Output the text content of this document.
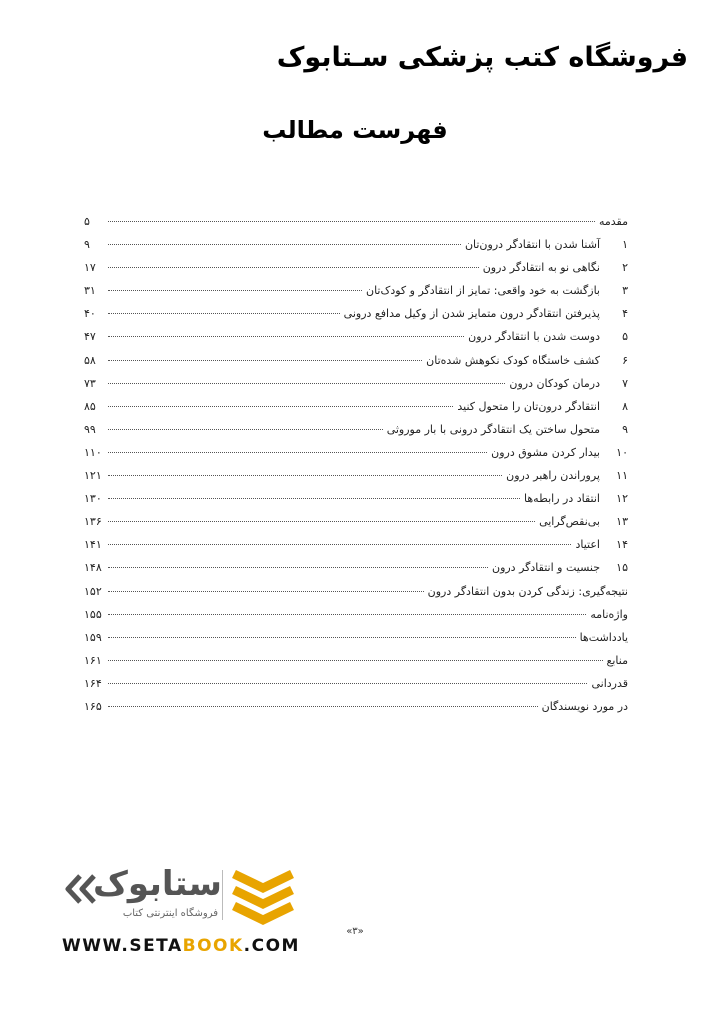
فروشگاه کتب پزشکی سـتابوک
فهرست مطالب
مقدمه
۵
۱
آشنا شدن با انتقادگر درون‌تان
۹
۲
نگاهی نو به انتقادگر درون
۱۷
۳
بازگشت به خود واقعی: تمایز از انتقادگر و کودک‌تان
۳۱
۴
پذیرفتن انتقادگر درون متمایز شدن از وکیل مدافع درونی
۴۰
۵
دوست شدن با انتقادگر درون
۴۷
۶
کشف خاستگاه کودک نکوهش شده‌تان
۵۸
۷
درمان کودکان درون
۷۳
۸
انتقادگر درون‌تان را متحول کنید
۸۵
۹
متحول ساختن یک انتقادگر درونی با بار موروثی
۹۹
۱۰
بیدار کردن مشوق درون
۱۱۰
۱۱
پروراندن راهبر درون
۱۲۱
۱۲
انتقاد در رابطه‌ها
۱۳۰
۱۳
بی‌نقص‌گرایی
۱۳۶
۱۴
اعتیاد
۱۴۱
۱۵
جنسیت و انتقادگر درون
۱۴۸
نتیجه‌گیری: زندگی کردن بدون انتقادگر درون
۱۵۲
واژه‌نامه
۱۵۵
یادداشت‌ها
۱۵۹
منابع
۱۶۱
قدردانی
۱۶۴
در مورد نویسندگان
۱۶۵
«۳»
ستابوک
فروشگاه اینترنتی کتاب
WWW.SETABOOK.COM
